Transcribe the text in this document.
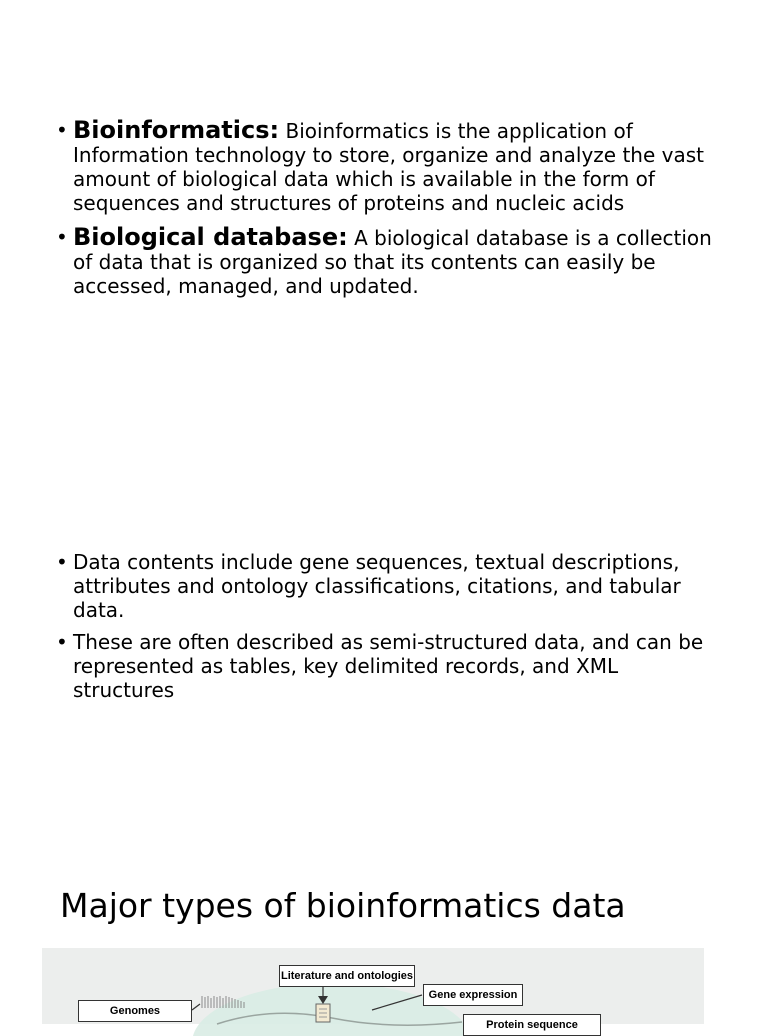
• Bioinformatics: Bioinformatics is the application of Information technology to store, organize and analyze the vast amount of biological data which is available in the form of sequences and structures of proteins and nucleic acids
• Biological database: A biological database is a collection of data that is organized so that its contents can easily be accessed, managed, and updated.
• Data contents include gene sequences, textual descriptions, attributes and ontology classifications, citations, and tabular data.
• These are often described as semi-structured data, and can be represented as tables, key delimited records, and XML structures
Major types of bioinformatics data
Literature and ontologies
Gene expression
Genomes
Protein sequence
